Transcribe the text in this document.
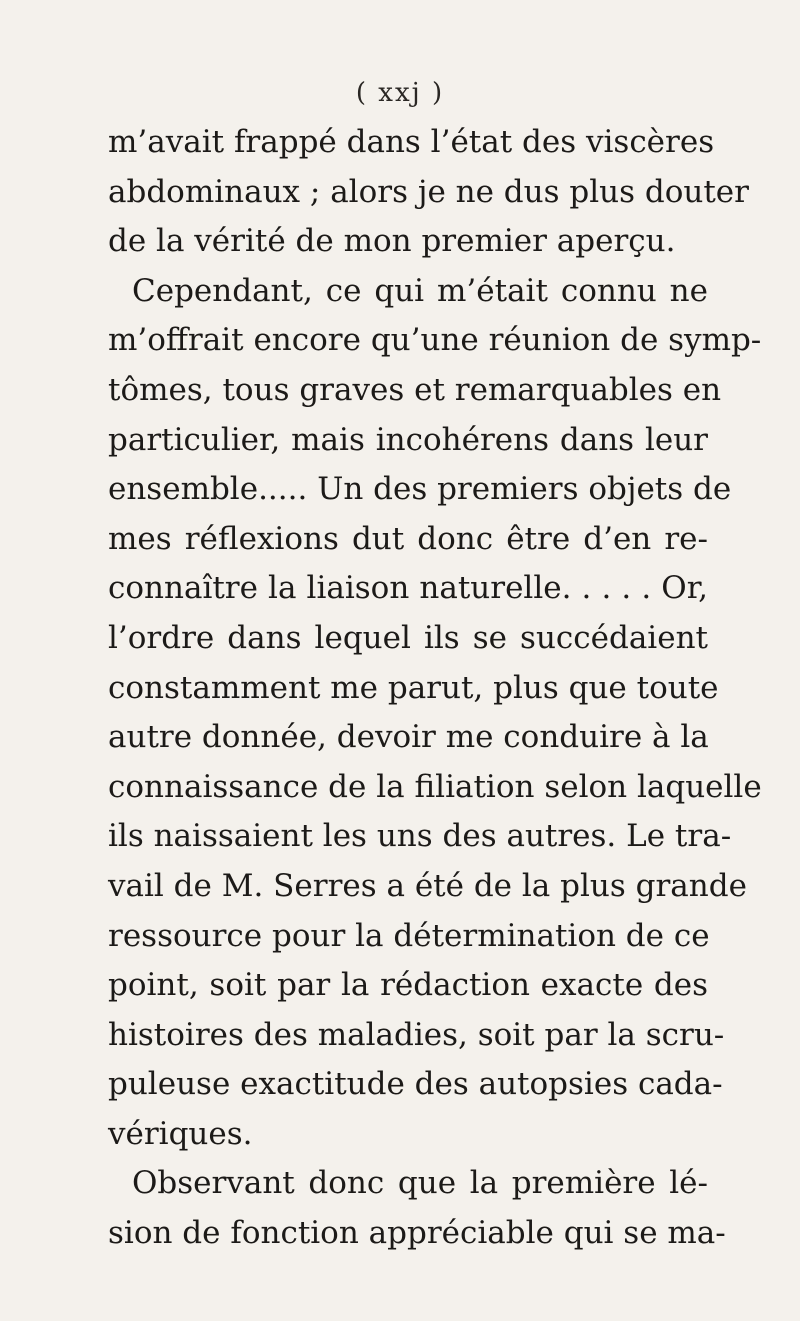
( xxj )
m’avait frappé dans l’état des viscères
abdominaux ; alors je ne dus plus douter
de la vérité de mon premier aperçu.
Cependant, ce qui m’était connu ne
m’offrait encore qu’une réunion de symp-
tômes, tous graves et remarquables en
particulier, mais incohérens dans leur
ensemble..... Un des premiers objets de
mes réflexions dut donc être d’en re-
connaître la liaison naturelle. . . . . Or,
l’ordre dans lequel ils se succédaient
constamment me parut, plus que toute
autre donnée, devoir me conduire à la
connaissance de la filiation selon laquelle
ils naissaient les uns des autres. Le tra-
vail de M. Serres a été de la plus grande
ressource pour la détermination de ce
point, soit par la rédaction exacte des
histoires des maladies, soit par la scru-
puleuse exactitude des autopsies cada-
vériques.
Observant donc que la première lé-
sion de fonction appréciable qui se ma-
